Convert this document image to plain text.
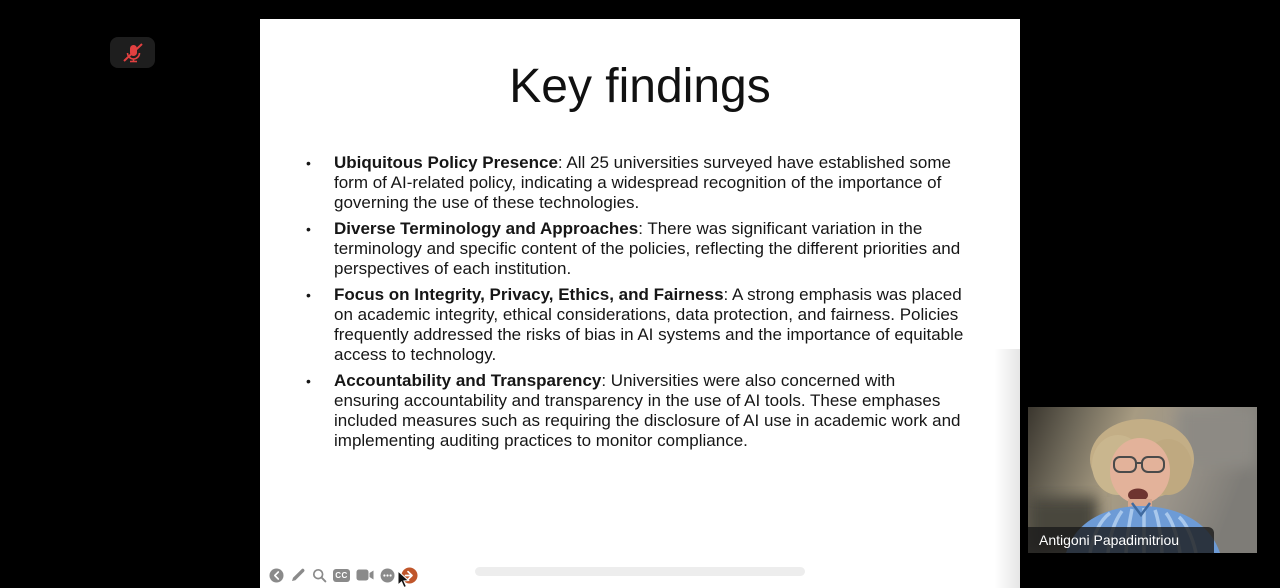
Key findings
•	Ubiquitous Policy Presence: All 25 universities surveyed have established some form of AI-related policy, indicating a widespread recognition of the importance of governing the use of these technologies.
•	Diverse Terminology and Approaches: There was significant variation in the terminology and specific content of the policies, reflecting the different priorities and perspectives of each institution.
•	Focus on Integrity, Privacy, Ethics, and Fairness: A strong emphasis was placed on academic integrity, ethical considerations, data protection, and fairness. Policies frequently addressed the risks of bias in AI systems and the importance of equitable access to technology.
•	Accountability and Transparency: Universities were also concerned with ensuring accountability and transparency in the use of AI tools. These emphases included measures such as requiring the disclosure of AI use in academic work and implementing auditing practices to monitor compliance.
CC
Antigoni Papadimitriou
